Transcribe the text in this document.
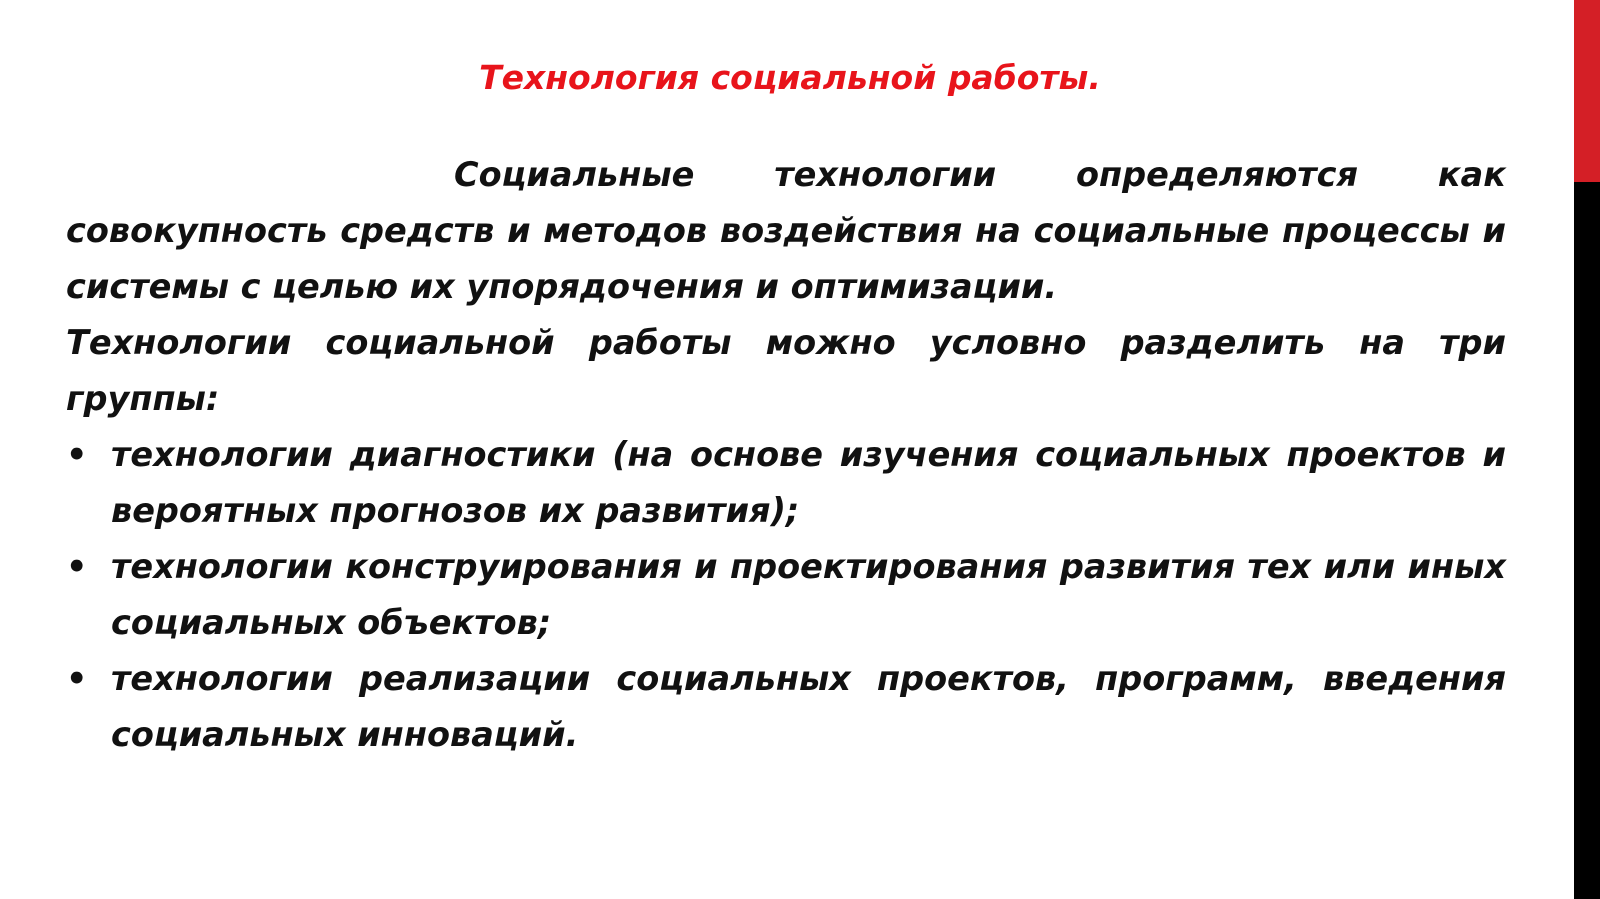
Технология социальной работы.

Социальные технологии определяются как совокупность средств и методов воздействия на социальные процессы и системы с целью их упорядочения и оптимизации.

Технологии социальной работы можно условно разделить на три группы:

• технологии диагностики (на основе изучения социальных проектов и вероятных прогнозов их развития);
• технологии конструирования и проектирования развития тех или иных социальных объектов;
• технологии реализации социальных проектов, программ, введения социальных инноваций.
